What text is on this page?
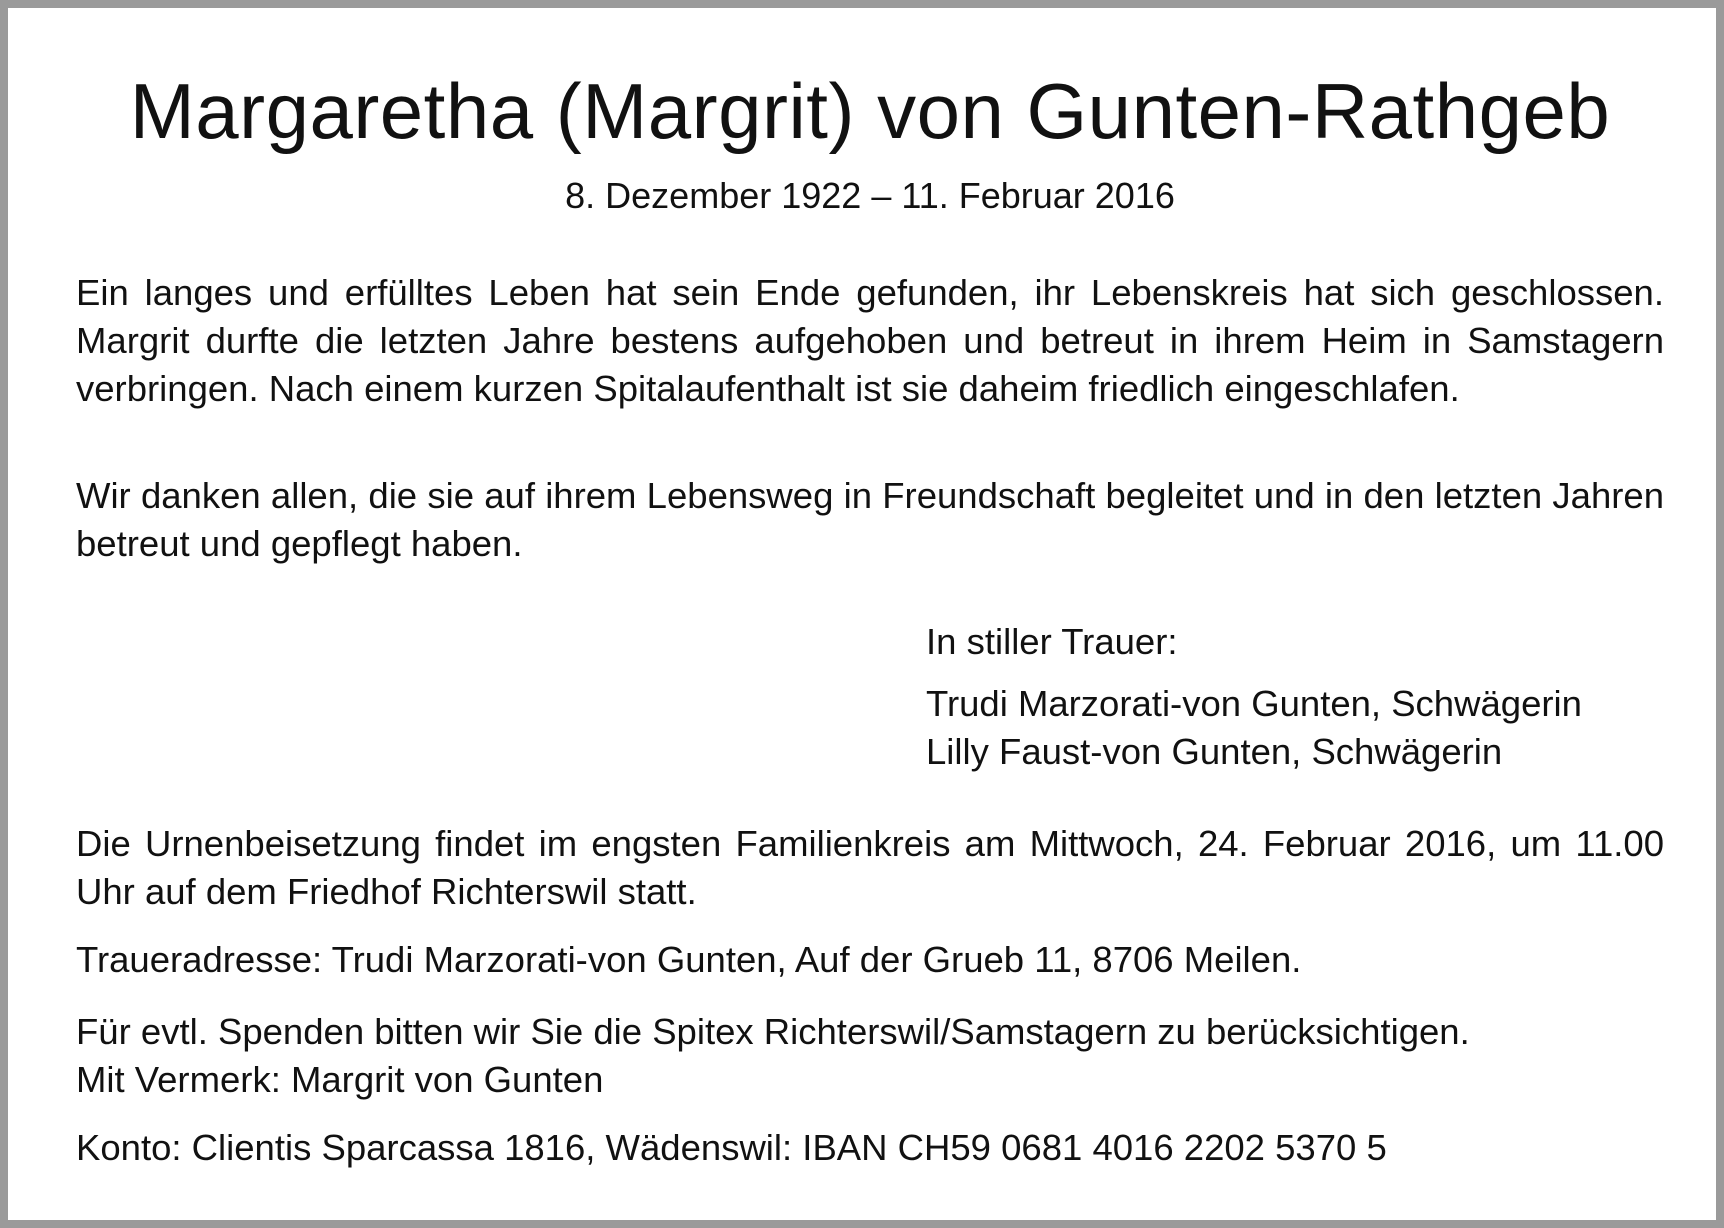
Margaretha (Margrit) von Gunten-Rathgeb
8. Dezember 1922 – 11. Februar 2016

Ein langes und erfülltes Leben hat sein Ende gefunden, ihr Lebenskreis hat sich geschlossen. Margrit durfte die letzten Jahre bestens aufgehoben und betreut in ihrem Heim in Samstagern verbringen. Nach einem kurzen Spitalaufenthalt ist sie daheim friedlich eingeschlafen.

Wir danken allen, die sie auf ihrem Lebensweg in Freundschaft begleitet und in den letzten Jahren betreut und gepflegt haben.

In stiller Trauer:
Trudi Marzorati-von Gunten, Schwägerin
Lilly Faust-von Gunten, Schwägerin

Die Urnenbeisetzung findet im engsten Familienkreis am Mittwoch, 24. Februar 2016, um 11.00 Uhr auf dem Friedhof Richterswil statt.

Traueradresse: Trudi Marzorati-von Gunten, Auf der Grueb 11, 8706 Meilen.

Für evtl. Spenden bitten wir Sie die Spitex Richterswil/Samstagern zu berücksichtigen.
Mit Vermerk: Margrit von Gunten

Konto: Clientis Sparcassa 1816, Wädenswil: IBAN CH59 0681 4016 2202 5370 5
